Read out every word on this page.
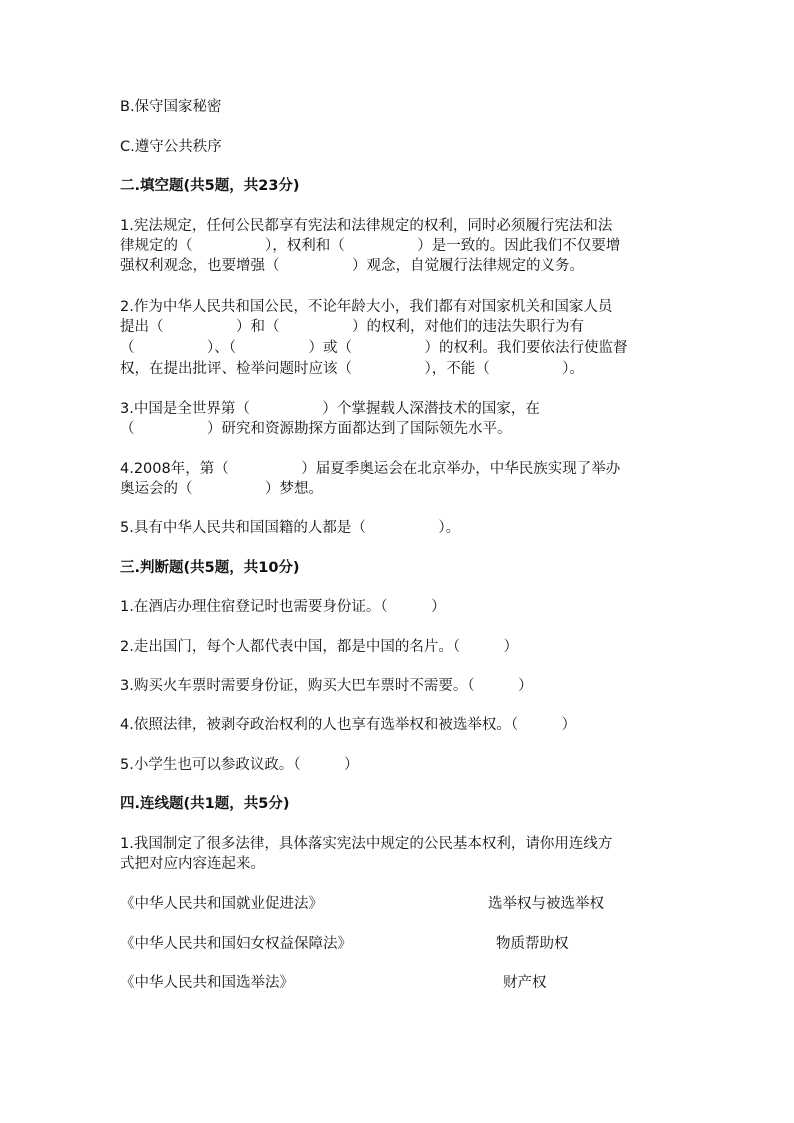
B.保守国家秘密
C.遵守公共秩序
二.填空题(共5题，共23分)
1.宪法规定，任何公民都享有宪法和法律规定的权利，同时必须履行宪法和法
律规定的（　　　　　），权利和（　　　　　）是一致的。因此我们不仅要增
强权利观念，也要增强（　　　　　）观念，自觉履行法律规定的义务。
2.作为中华人民共和国公民，不论年龄大小，我们都有对国家机关和国家人员
提出（　　　　　）和（　　　　　）的权利，对他们的违法失职行为有
（　　　　　）、（　　　　　）或（　　　　　）的权利。我们要依法行使监督
权，在提出批评、检举问题时应该（　　　　　），不能（　　　　　）。
3.中国是全世界第（　　　　　）个掌握载人深潜技术的国家，在
（　　　　　）研究和资源勘探方面都达到了国际领先水平。
4.2008年，第（　　　　　）届夏季奥运会在北京举办，中华民族实现了举办
奥运会的（　　　　　）梦想。
5.具有中华人民共和国国籍的人都是（　　　　　）。
三.判断题(共5题，共10分)
1.在酒店办理住宿登记时也需要身份证。（　　　）
2.走出国门，每个人都代表中国，都是中国的名片。（　　　）
3.购买火车票时需要身份证，购买大巴车票时不需要。（　　　）
4.依照法律，被剥夺政治权利的人也享有选举权和被选举权。（　　　）
5.小学生也可以参政议政。（　　　）
四.连线题(共1题，共5分)
1.我国制定了很多法律，具体落实宪法中规定的公民基本权利，请你用连线方
式把对应内容连起来。
《中华人民共和国就业促进法》	选举权与被选举权
《中华人民共和国妇女权益保障法》	物质帮助权
《中华人民共和国选举法》	财产权
